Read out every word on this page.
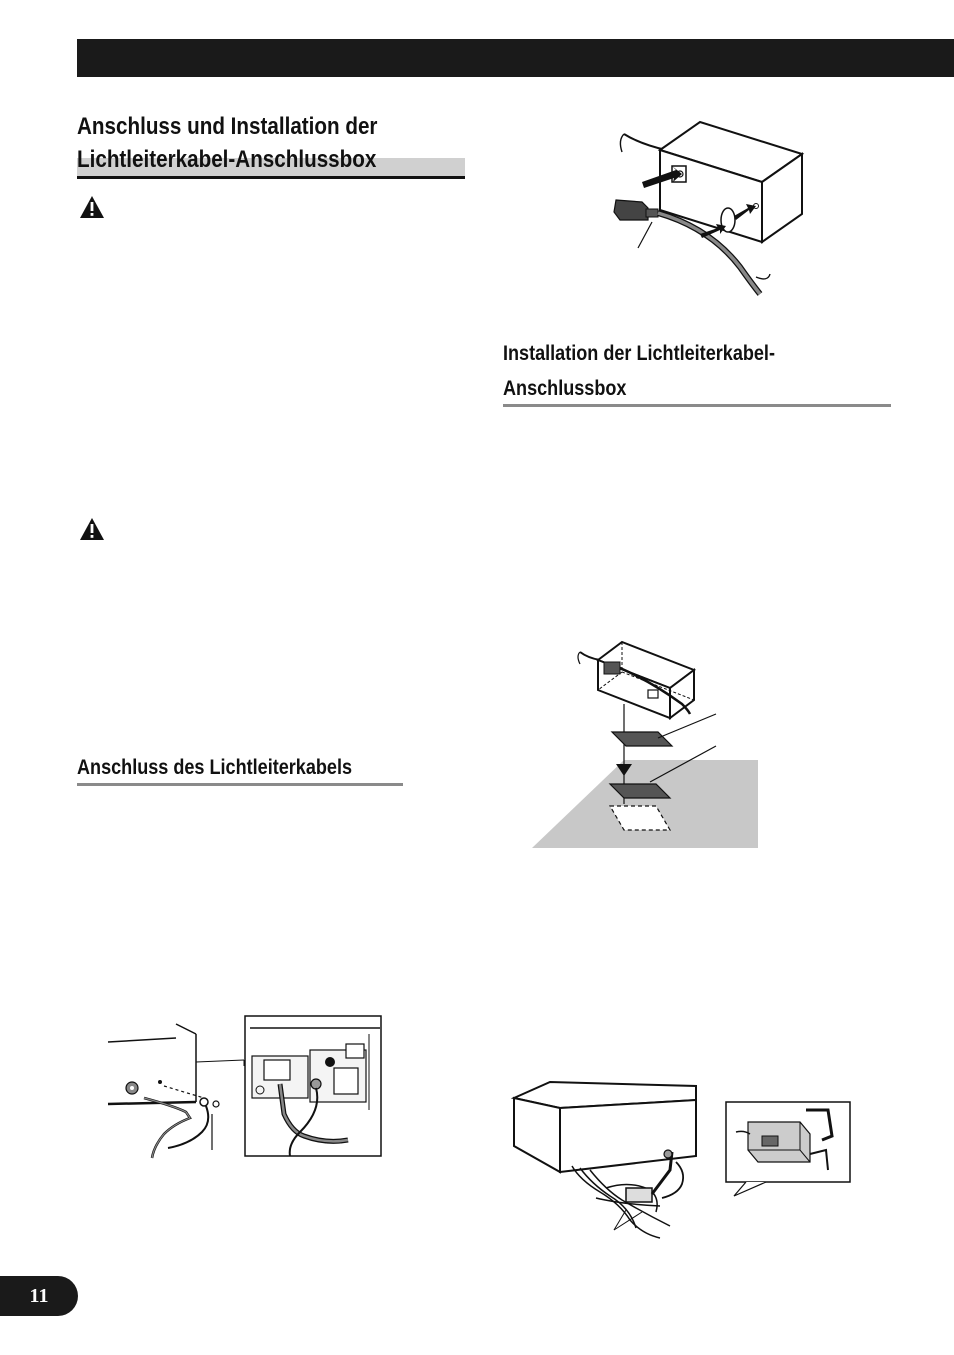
Anschluss und Installation der
Lichtleiterkabel-Anschlussbox
Anschluss des Lichtleiterkabels
Installation der Lichtleiterkabel-
Anschlussbox
11
